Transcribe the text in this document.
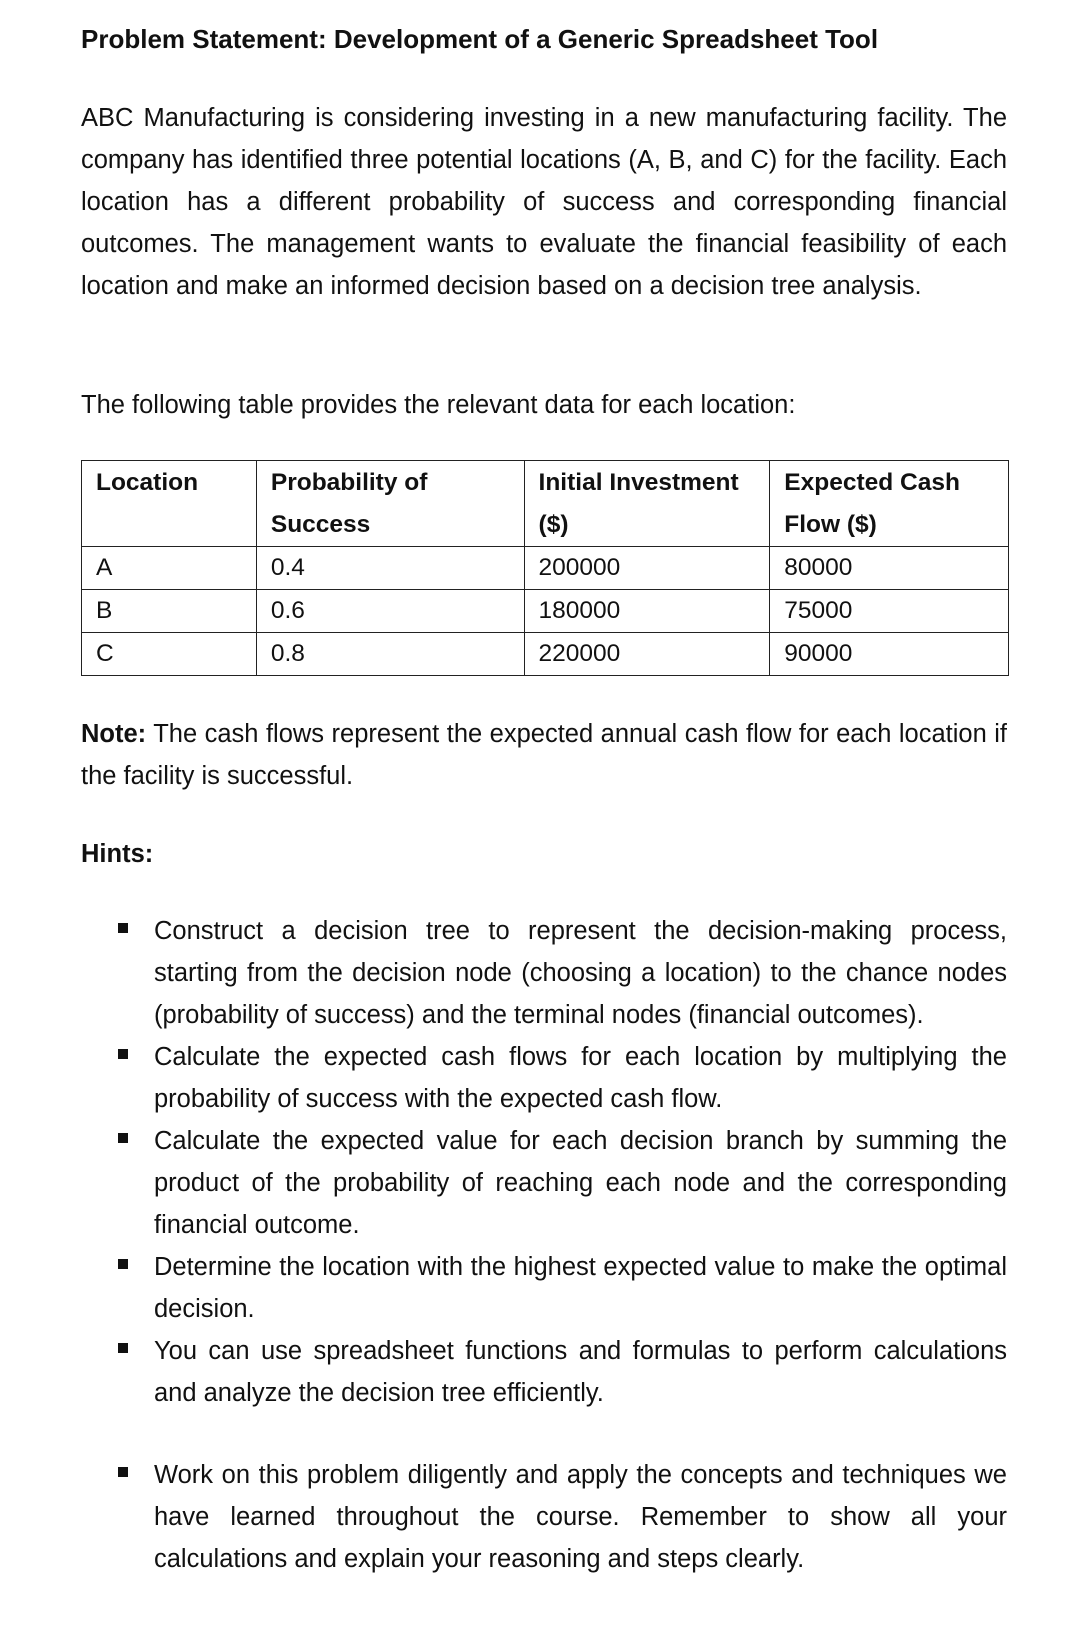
Problem Statement: Development of a Generic Spreadsheet Tool

ABC Manufacturing is considering investing in a new manufacturing facility. The company has identified three potential locations (A, B, and C) for the facility. Each location has a different probability of success and corresponding financial outcomes. The management wants to evaluate the financial feasibility of each location and make an informed decision based on a decision tree analysis.

The following table provides the relevant data for each location:

Location	Probability of Success	Initial Investment ($)	Expected Cash Flow ($)
A	0.4	200000	80000
B	0.6	180000	75000
C	0.8	220000	90000

Note: The cash flows represent the expected annual cash flow for each location if the facility is successful.

Hints:
Construct a decision tree to represent the decision-making process, starting from the decision node (choosing a location) to the chance nodes (probability of success) and the terminal nodes (financial outcomes).
Calculate the expected cash flows for each location by multiplying the probability of success with the expected cash flow.
Calculate the expected value for each decision branch by summing the product of the probability of reaching each node and the corresponding financial outcome.
Determine the location with the highest expected value to make the optimal decision.
You can use spreadsheet functions and formulas to perform calculations and analyze the decision tree efficiently.
Work on this problem diligently and apply the concepts and techniques we have learned throughout the course. Remember to show all your calculations and explain your reasoning and steps clearly.
